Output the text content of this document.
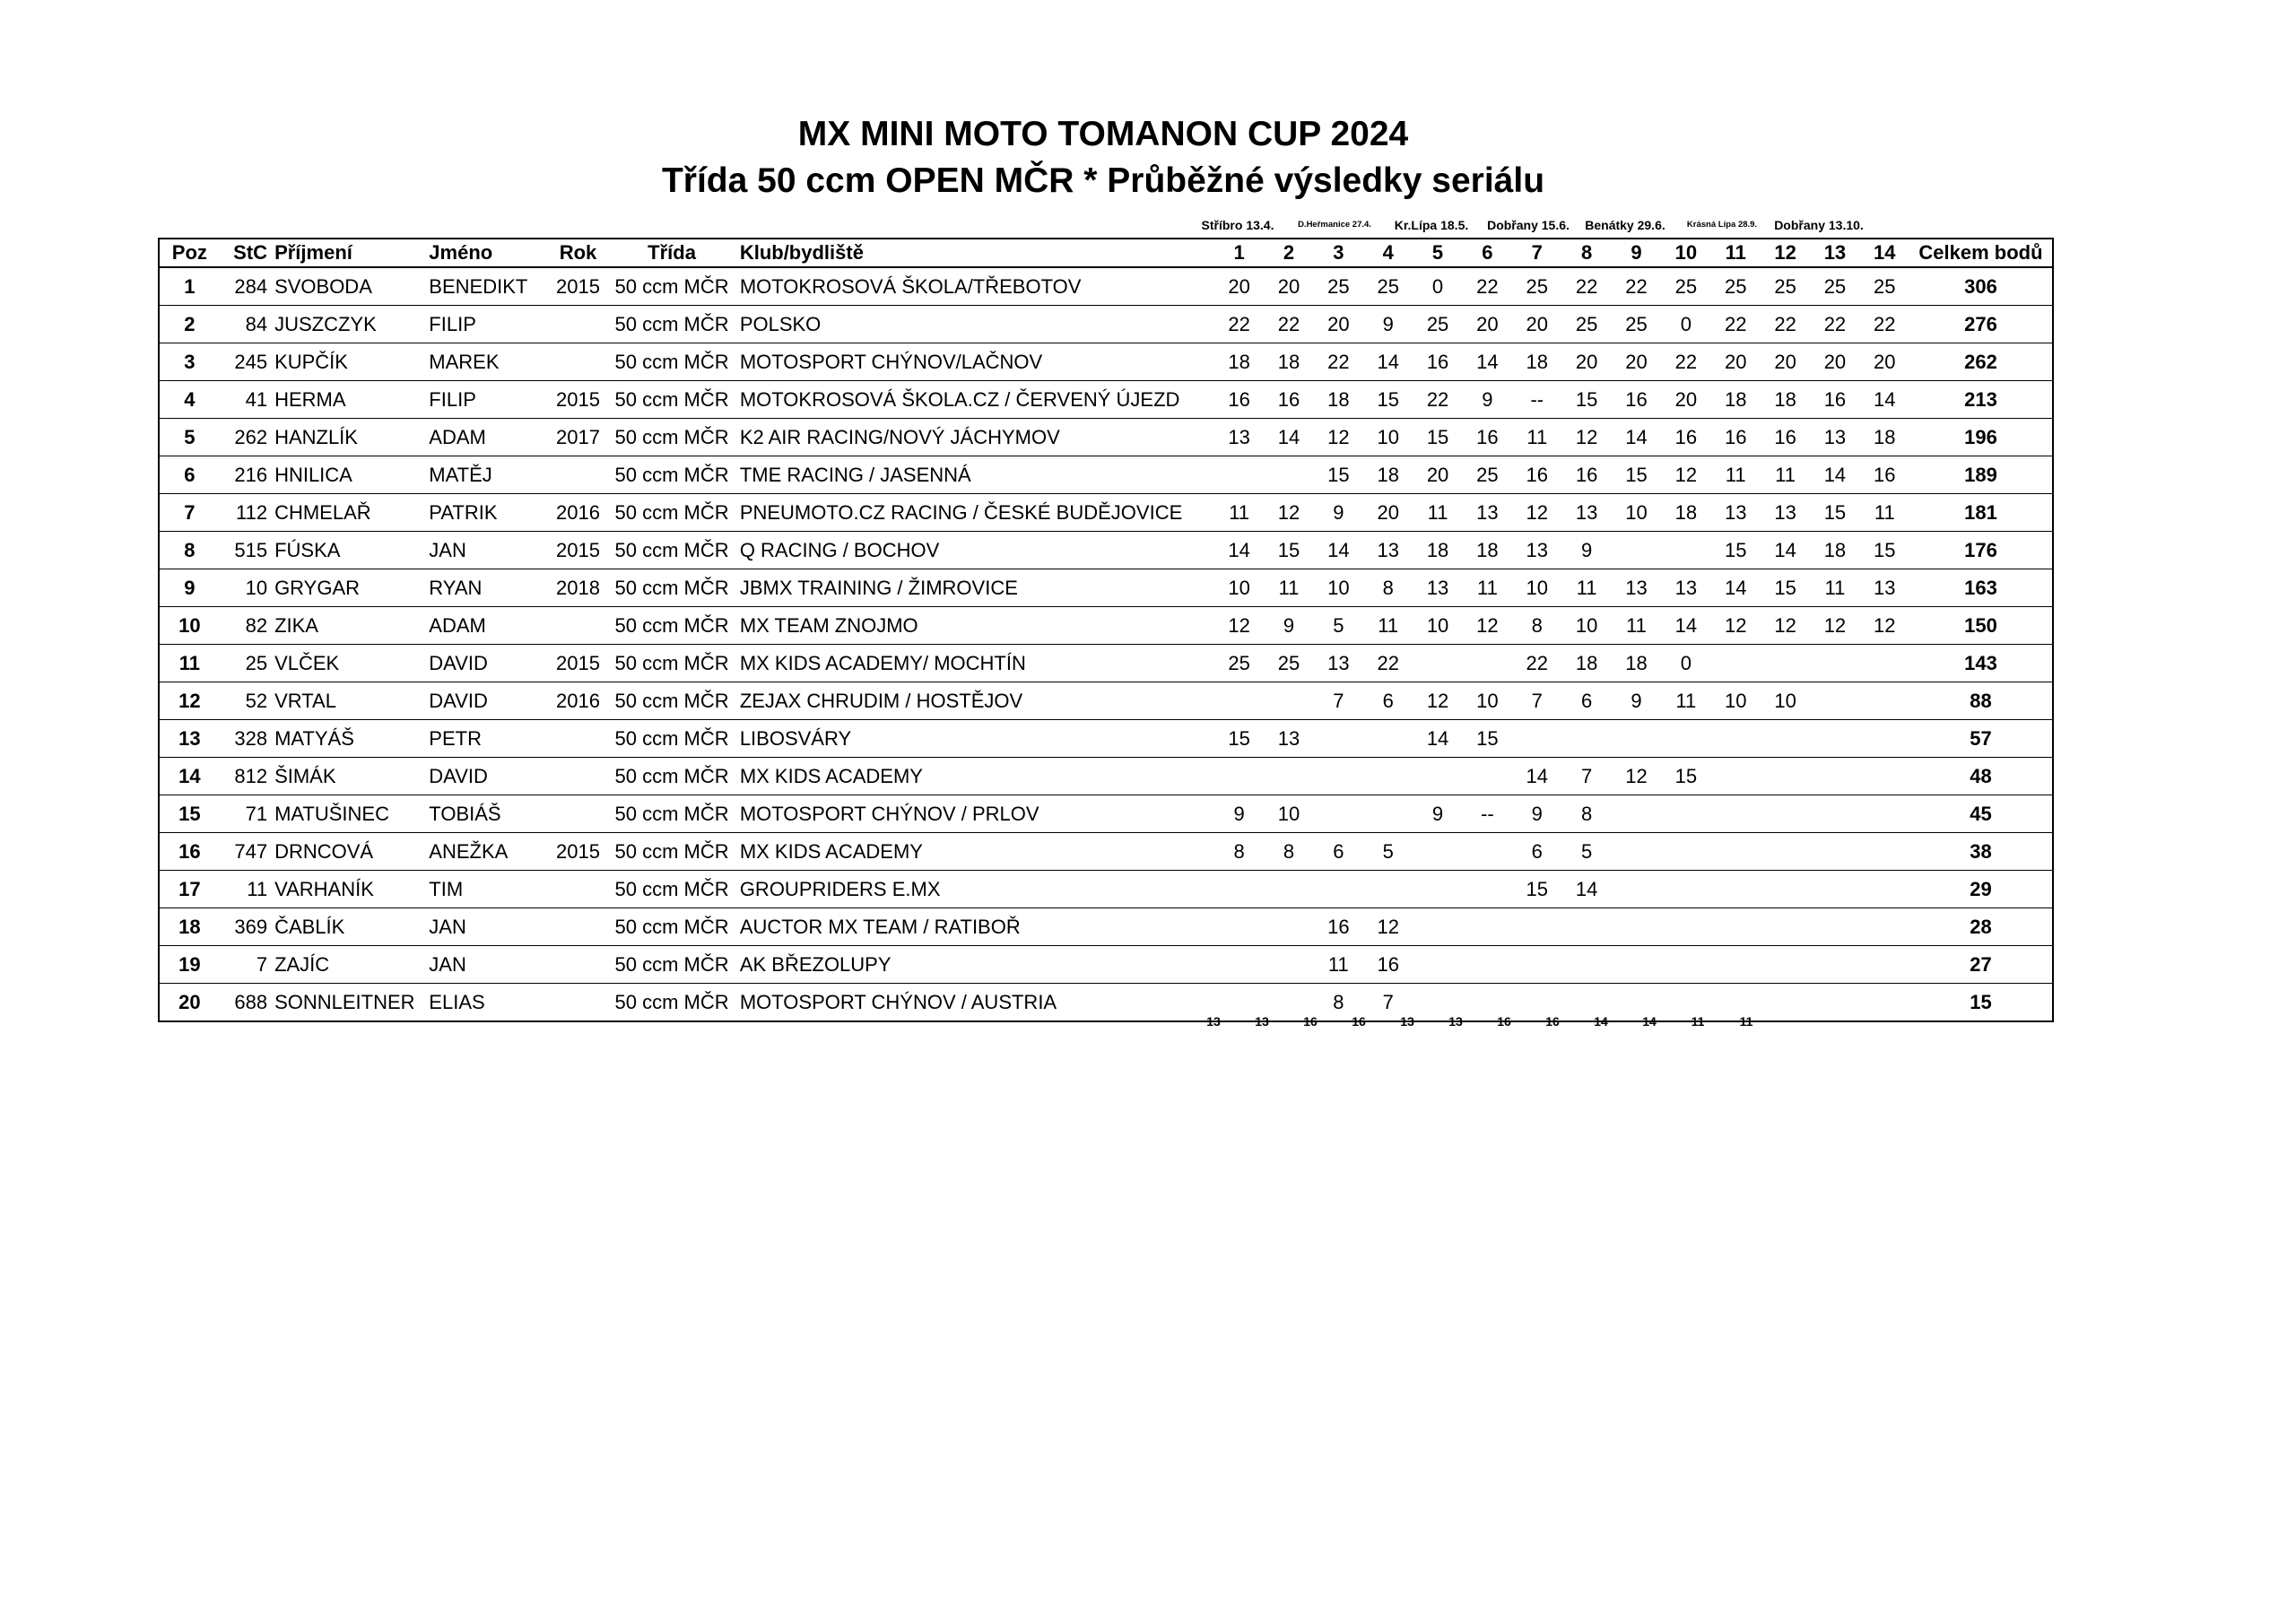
MX MINI MOTO TOMANON CUP 2024
Třída 50 ccm OPEN MČR * Průběžné výsledky seriálu
Stříbro 13.4.	D.Heřmanice 27.4. Kr.Lípa 18.5. Dobřany 15.6. Benátky 29.6.	Krásná Lípa 28.9. Dobřany 13.10.
Poz	StC	Příjmení	Jméno	Rok	Třída	Klub/bydliště	1	2	3	4	5	6	7	8	9	10	11	12	13	14	Celkem bodů
1	284	SVOBODA	BENEDIKT	2015	50 ccm MČR	MOTOKROSOVÁ ŠKOLA/TŘEBOTOV	20	20	25	25	0	22	25	22	22	25	25	25	25	25	306
2	84	JUSZCZYK	FILIP		50 ccm MČR	POLSKO	22	22	20	9	25	20	20	25	25	0	22	22	22	22	276
3	245	KUPČÍK	MAREK		50 ccm MČR	MOTOSPORT CHÝNOV/LAČNOV	18	18	22	14	16	14	18	20	20	22	20	20	20	20	262
4	41	HERMA	FILIP	2015	50 ccm MČR	MOTOKROSOVÁ ŠKOLA.CZ / ČERVENÝ ÚJEZD	16	16	18	15	22	9	--	15	16	20	18	18	16	14	213
5	262	HANZLÍK	ADAM	2017	50 ccm MČR	K2 AIR RACING/NOVÝ JÁCHYMOV	13	14	12	10	15	16	11	12	14	16	16	16	13	18	196
6	216	HNILICA	MATĚJ		50 ccm MČR	TME RACING / JASENNÁ			15	18	20	25	16	16	15	12	11	11	14	16	189
7	112	CHMELAŘ	PATRIK	2016	50 ccm MČR	PNEUMOTO.CZ RACING / ČESKÉ BUDĚJOVICE	11	12	9	20	11	13	12	13	10	18	13	13	15	11	181
8	515	FÚSKA	JAN	2015	50 ccm MČR	Q RACING / BOCHOV	14	15	14	13	18	18	13	9			15	14	18	15	176
9	10	GRYGAR	RYAN	2018	50 ccm MČR	JBMX TRAINING / ŽIMROVICE	10	11	10	8	13	11	10	11	13	13	14	15	11	13	163
10	82	ZIKA	ADAM		50 ccm MČR	MX TEAM ZNOJMO	12	9	5	11	10	12	8	10	11	14	12	12	12	12	150
11	25	VLČEK	DAVID	2015	50 ccm MČR	MX KIDS ACADEMY/ MOCHTÍN	25	25	13	22			22	18	18	0					143
12	52	VRTAL	DAVID	2016	50 ccm MČR	ZEJAX CHRUDIM / HOSTĚJOV			7	6	12	10	7	6	9	11	10	10			88
13	328	MATYÁŠ	PETR		50 ccm MČR	LIBOSVÁRY	15	13			14	15									57
14	812	ŠIMÁK	DAVID		50 ccm MČR	MX KIDS ACADEMY							14	7	12	15					48
15	71	MATUŠINEC	TOBIÁŠ		50 ccm MČR	MOTOSPORT CHÝNOV / PRLOV	9	10			9	--	9	8							45
16	747	DRNCOVÁ	ANEŽKA	2015	50 ccm MČR	MX KIDS ACADEMY	8	8	6	5			6	5							38
17	11	VARHANÍK	TIM		50 ccm MČR	GROUPRIDERS E.MX							15	14							29
18	369	ČABLÍK	JAN		50 ccm MČR	AUCTOR MX TEAM / RATIBOŘ			16	12											28
19	7	ZAJÍC	JAN		50 ccm MČR	AK BŘEZOLUPY			11	16											27
20	688	SONNLEITNER	ELIAS		50 ccm MČR	MOTOSPORT CHÝNOV / AUSTRIA			8	7											15
13	13	16	16	13	13	16	16	14	14	11	11
